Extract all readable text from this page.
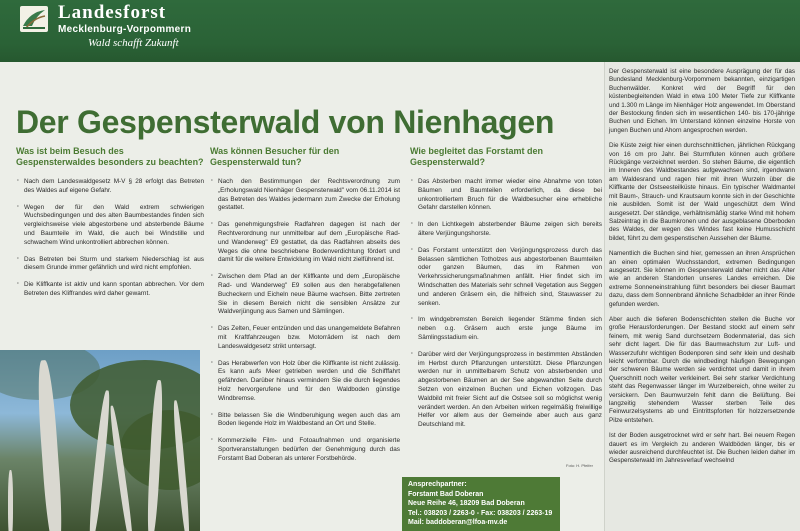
Landesforst
Mecklenburg-Vorpommern
Wald schafft Zukunft
Der Gespensterwald von Nienhagen
Was ist beim Besuch des Gespensterwaldes besonders zu beachten?
· Nach dem Landeswaldgesetz M-V § 28 erfolgt das Betreten des Waldes auf eigene Gefahr.
· Wegen der für den Wald extrem schwierigen Wuchsbedingungen und des alten Baumbestandes finden sich vergleichsweise viele abgestorbene und absterbende Bäume und Baumteile im Wald, die auch bei Windstille und schwachem Wind unkontrolliert abbrechen können.
· Das Betreten bei Sturm und starkem Niederschlag ist aus diesem Grunde immer gefährlich und wird nicht empfohlen.
· Die Kliffkante ist aktiv und kann spontan abbrechen. Vor dem Betreten des Kliffrandes wird daher gewarnt.
Was können Besucher für den Gespensterwald tun?
· Nach den Bestimmungen der Rechtsverordnung zum „Erholungswald Nienhäger Gespensterwald" vom 06.11.2014 ist das Betreten des Waldes jedermann zum Zwecke der Erholung gestattet.
· Das genehmigungsfreie Radfahren dagegen ist nach der Rechtverordnung nur unmittelbar auf dem „Europäische Rad- und Wanderweg" E9 gestattet, da das Radfahren abseits des Weges die ohne beschriebene Bodenverdichtung fördert und damit für die weitere Entwicklung im Wald nicht zielführend ist.
· Zwischen dem Pfad an der Kliffkante und dem „Europäische Rad- und Wanderweg" E9 sollen aus den herabgefallenen Bucheckern und Eicheln neue Bäume wachsen. Bitte zertreten Sie in diesem Bereich nicht die sensiblen Ansätze zur Waldverjüngung aus Samen und Sämlingen.
· Das Zelten, Feuer entzünden und das unangemeldete Befahren mit Kraftfahrzeugen bzw. Motorrädern ist nach dem Landeswaldgesetz strikt untersagt.
· Das Herabwerfen von Holz über die Kliffkante ist nicht zulässig. Es kann aufs Meer getrieben werden und die Schifffahrt gefährden. Darüber hinaus vermindern Sie die durch liegendes Holz hervorgerufene und für den Waldboden günstige Windbremse.
· Bitte belassen Sie die Windberuhigung wegen auch das am Boden liegende Holz im Waldbestand an Ort und Stelle.
· Kommerzielle Film- und Fotoaufnahmen und organisierte Sportveranstaltungen bedürfen der Genehmigung durch das Forstamt Bad Doberan als unterer Forstbehörde.
Wie begleitet das Forstamt den Gespensterwald?
· Das Absterben macht immer wieder eine Abnahme von toten Bäumen und Baumteilen erforderlich, da diese bei unkontrolliertem Bruch für die Waldbesucher eine erhebliche Gefahr darstellen können.
· In den Lichtkegeln absterbender Bäume zeigen sich bereits ältere Verjüngungshorste.
· Das Forstamt unterstützt den Verjüngungsprozess durch das Belassen sämtlichen Totholzes aus abgestorbenen Baumteilen oder ganzen Bäumen, das im Rahmen von Verkehrssicherungsmaßnahmen anfällt. Hier findet sich im Windschatten des Materials sehr schnell Vegetation aus Seggen und anderen Gräsern ein, die hilfreich sind, Stauwasser zu senken.
· Im windgebremsten Bereich liegender Stämme finden sich neben o.g. Gräsern auch erste junge Bäume im Sämlingsstadium ein.
· Darüber wird der Verjüngungsprozess in bestimmten Abständen im Herbst durch Pflanzungen unterstützt. Diese Pflanzungen werden nur in unmittelbarem Schutz von absterbenden und abgestorbenen Bäumen an der See abgewandten Seite durch Setzen von einzelnen Buchen und Eichen vollzogen. Das Waldbild mit freier Sicht auf die Ostsee soll so möglichst wenig verändert werden. An den Arbeiten wirken regelmäßig freiwillige Helfer vor allem aus der Gemeinde aber auch aus ganz Deutschland mit.
Foto: H. Pfeifer
Ansprechpartner:
Forstamt Bad Doberan
Neue Reihe 46, 18209 Bad Doberan
Tel.: 038203 / 2263-0 - Fax: 038203 / 2263-19
Mail: baddoberan@lfoa-mv.de

Der Gespensterwald ist eine besondere Ausprägung der für das Bundesland Mecklenburg-Vorpommern bekannten, einzigartigen Buchenwälder. Konkret wird der Begriff für den küstenbegleitenden Wald in etwa 100 Meter Tiefe zur Kliffkante und 1.300 m Länge im Nienhäger Holz angewendet. Im Oberstand der Bestockung finden sich im wesentlichen 140- bis 170-jährige Buchen und Eichen. Im Unterstand können einzelne Horste von jungen Buchen und Ahorn angesprochen werden.

Die Küste zeigt hier einen durchschnittlichen, jährlichen Rückgang von 16 cm pro Jahr. Bei Sturmfluten können auch größere Rückgänge verzeichnet werden. So stehen Bäume, die eigentlich im Inneren des Waldbestandes aufgewachsen sind, irgendwann am Waldesrand und ragen hier mit ihren Wurzeln über die Kliffkante der Ostseesteilküste hinaus. Ein typischer Waldmantel mit Baum-, Strauch- und Krautsaum konnte sich in der Geschichte nie ausbilden. Somit ist der Wald ungeschützt dem Wind ausgesetzt. Der ständige, verhältnismäßig starke Wind mit hohem Salzeintrag in die Baumkronen und der ausgeblasene Oberboden des Waldes, der wegen des Windes fast keine Humusschicht bildet, führt zu dem gespenstischen Aussehen der Bäume.

Namentlich die Buchen sind hier, gemessen an ihren Ansprüchen an einen optimalen Wuchsstandort, extremen Bedingungen ausgesetzt. Sie können im Gespensterwald daher nicht das Alter wie an anderen Standorten unseres Landes erreichen. Die extreme Sonneneinstrahlung führt besonders bei dieser Baumart dazu, dass dem Sonnenbrand ähnliche Schadbilder an ihrer Rinde gefunden werden.

Aber auch die tieferen Bodenschichten stellen die Buche vor große Herausforderungen. Der Bestand stockt auf einem sehr feinem, mit wenig Sand durchsetzem Bodenmaterial, das sich sehr dicht lagert. Die für das Baumwachstum zur Luft- und Wasserzufuhr wichtigen Bodenporen sind sehr klein und deshalb leicht verformbar. Durch die windbedingt häufigen Bewegungen der schweren Bäume werden sie verdichtet und damit in ihrem Querschnitt noch weiter verkleinert. Bei sehr starker Verdichtung steht das Regenwasser länger im Wurzelbereich, ohne weiter zu versickern. Den Baumwurzeln fehlt dann die Belüftung. Bei langzeitig stehendem Wasser sterben Teile des Feinwurzelsystems ab und Eintrittspforten für holzzersetzende Pilze entstehen.

Ist der Boden ausgetrocknet wird er sehr hart. Bei neuem Regen dauert es im Vergleich zu anderen Waldböden länger, bis er wieder ausreichend durchfeuchtet ist. Die Buchen leiden daher im Gespensterwald im Jahresverlauf wechselnd
